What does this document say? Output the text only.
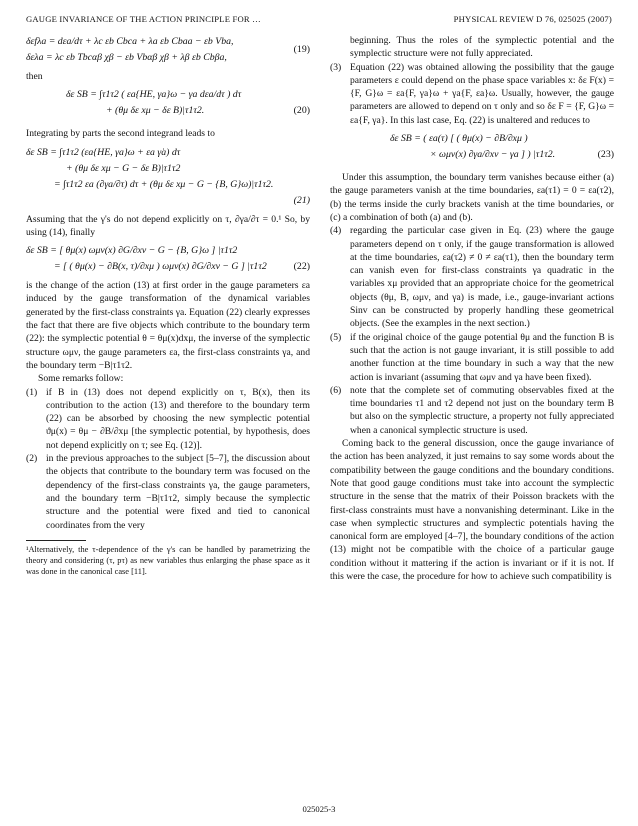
GAUGE INVARIANCE OF THE ACTION PRINCIPLE FOR …	PHYSICAL REVIEW D 76, 025025 (2007)
δεfλa = dεa/dτ + λc εb Cbca + λa εb Cbaa − εb Vba,
δελa = λc εb Tbcαβ χβ − εb Vbαβ χβ + λβ εb Cbβa,
(19)
then
δε SB = ∫τ1τ2 ( εa{HE, γa}ω − γa dεa/dτ ) dτ
+ (θμ δε xμ − δε B)|τ1τ2.	(20)
Integrating by parts the second integrand leads to
δε SB = ∫τ1τ2 (εa{HE, γa}ω + εa γ̇a) dτ
+ (θμ δε xμ − G − δε B)|τ1τ2
= ∫τ1τ2 εa (∂γa/∂τ) dτ + (θμ δε xμ − G − {B, G}ω)|τ1τ2.
(21)
Assuming that the γ's do not depend explicitly on τ, ∂γa/∂τ = 0.¹ So, by using (14), finally
δε SB = [ θμ(x) ωμν(x) ∂G/∂xν − G − {B, G}ω ] |τ1τ2
= [ ( θμ(x) − ∂B(x, τ)/∂xμ ) ωμν(x) ∂G/∂xν − G ] |τ1τ2	(22)
is the change of the action (13) at first order in the gauge parameters εa induced by the gauge transformation of the dynamical variables generated by the first-class constraints γa. Equation (22) clearly expresses the fact that there are five objects which contribute to the boundary term (22): the symplectic potential θ = θμ(x)dxμ, the inverse of the symplectic structure ωμν, the gauge parameters εa, the first-class constraints γa, and the boundary term −B|τ1τ2.
Some remarks follow:
(1) if B in (13) does not depend explicitly on τ, B(x), then its contribution to the action (13) and therefore to the boundary term (22) can be absorbed by choosing the new symplectic potential ϑμ(x) = θμ − ∂B/∂xμ [the symplectic potential, by hypothesis, does not depend explicitly on τ; see Eq. (12)].
(2) in the previous approaches to the subject [5–7], the discussion about the objects that contribute to the boundary term was focused on the dependency of the first-class constraints γa, the gauge parameters, and the boundary term −B|τ1τ2, simply because the symplectic structure and the potential were fixed and tied to canonical coordinates from the very
¹Alternatively, the τ-dependence of the γ's can be handled by parametrizing the theory and considering (τ, pτ) as new variables thus enlarging the phase space as it was done in the canonical case [11].
beginning. Thus the roles of the symplectic potential and the symplectic structure were not fully appreciated.
(3) Equation (22) was obtained allowing the possibility that the gauge parameters ε could depend on the phase space variables x: δε F(x) = {F, G}ω = εa{F, γa}ω + γa{F, εa}ω. Usually, however, the gauge parameters are allowed to depend on τ only and so δε F = {F, G}ω = εa{F, γa}. In this last case, Eq. (22) is unaltered and reduces to
δε SB = ( εa(τ) [ ( θμ(x) − ∂B/∂xμ )
× ωμν(x) ∂γa/∂xν − γa ] ) |τ1τ2.	(23)
Under this assumption, the boundary term vanishes because either (a) the gauge parameters vanish at the time boundaries, εa(τ1) = 0 = εa(τ2), (b) the terms inside the curly brackets vanish at the time boundaries, or (c) a combination of both (a) and (b).
(4) regarding the particular case given in Eq. (23) where the gauge parameters depend on τ only, if the gauge transformation is allowed at the time boundaries, εa(τ2) ≠ 0 ≠ εa(τ1), then the boundary term can vanish even for first-class constraints γa quadratic in the variables xμ provided that an appropriate choice for the geometrical objects (θμ, B, ωμν, and γa) is made, i.e., gauge-invariant actions Sinv can be constructed by properly handling these geometrical objects. (See the examples in the next section.)
(5) if the original choice of the gauge potential θμ and the function B is such that the action is not gauge invariant, it is still possible to add another function at the time boundary in such a way that the new action is invariant (assuming that ωμν and γa have been fixed).
(6) note that the complete set of commuting observables fixed at the time boundaries τ1 and τ2 depend not just on the boundary term B but also on the symplectic structure, a property not fully appreciated when a canonical symplectic structure is used.
Coming back to the general discussion, once the gauge invariance of the action has been analyzed, it just remains to say some words about the compatibility between the gauge conditions and the boundary conditions. Note that good gauge conditions must take into account the symplectic structure in the sense that the matrix of their Poisson brackets with the first-class constraints must have a nonvanishing determinant. Like in the case when symplectic structures and symplectic potentials having the canonical form are employed [4–7], the boundary conditions of the action (13) might not be compatible with the choice of a particular gauge condition without it mattering if the action is invariant or if it is not. If this were the case, the procedure for how to achieve such compatibility is
025025-3
